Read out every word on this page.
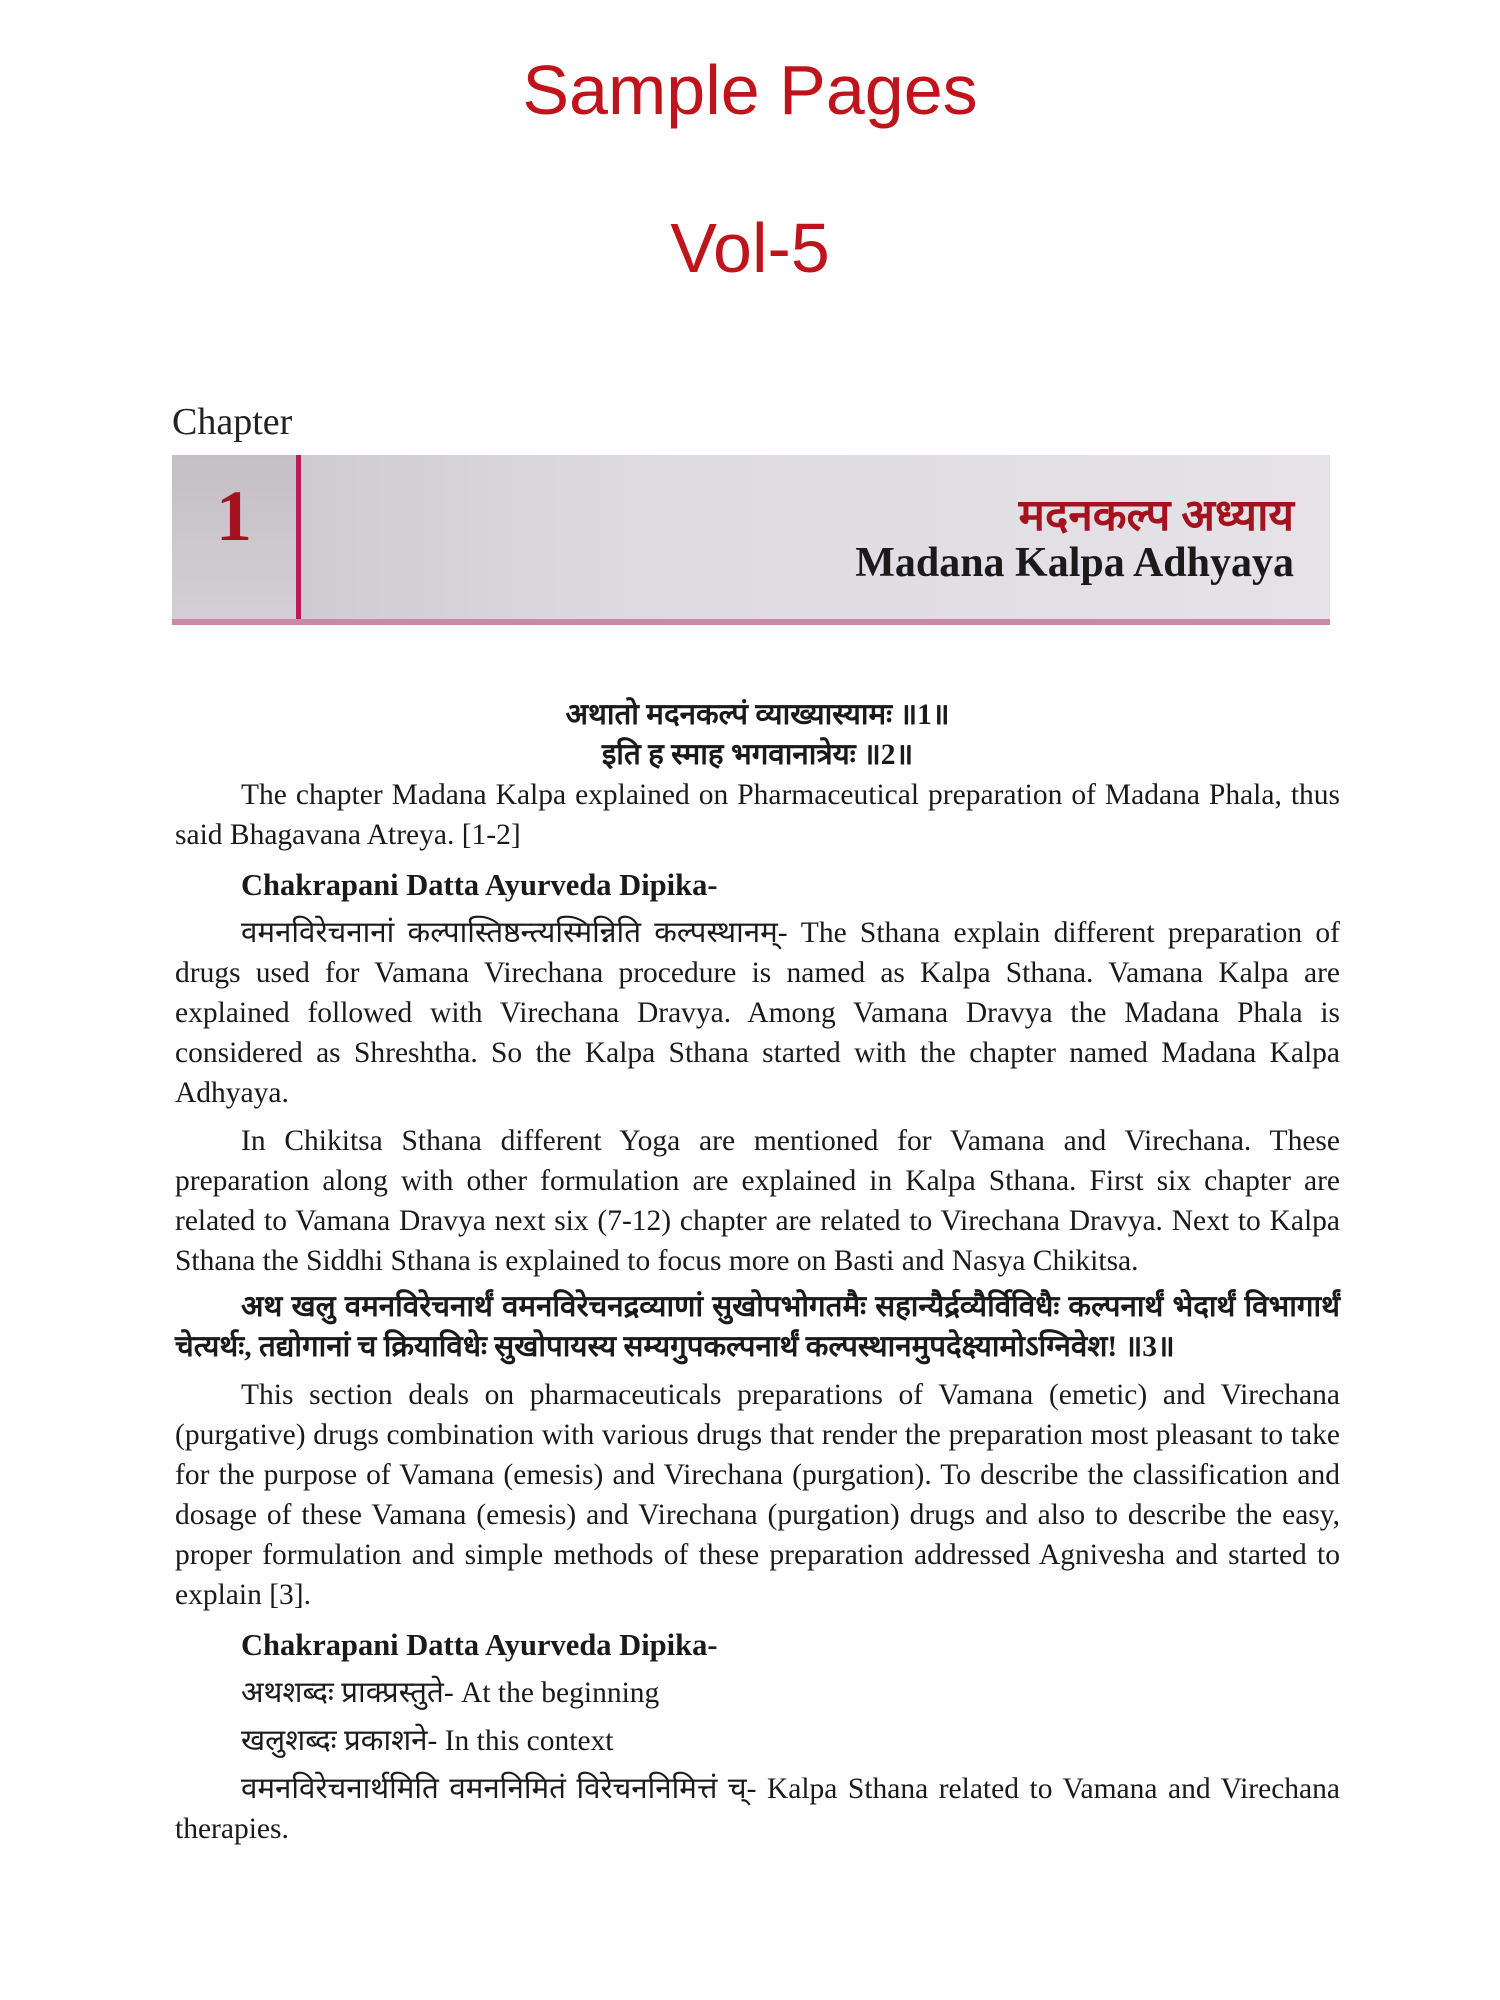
Sample Pages
Vol-5
Chapter
1	मदनकल्प अध्याय
Madana Kalpa Adhyaya

अथातो मदनकल्पं व्याख्यास्यामः ॥1॥

इति ह स्माह भगवानात्रेयः ॥2॥

The chapter Madana Kalpa explained on Pharmaceutical preparation of Madana Phala, thus said Bhagavana Atreya. [1-2]

Chakrapani Datta Ayurveda Dipika-

वमनविरेचनानां कल्पास्तिष्ठन्त्यस्मिन्निति कल्पस्थानम्- The Sthana explain different preparation of drugs used for Vamana Virechana procedure is named as Kalpa Sthana. Vamana Kalpa are explained followed with Virechana Dravya. Among Vamana Dravya the Madana Phala is considered as Shreshtha. So the Kalpa Sthana started with the chapter named Madana Kalpa Adhyaya.

In Chikitsa Sthana different Yoga are mentioned for Vamana and Virechana. These preparation along with other formulation are explained in Kalpa Sthana. First six chapter are related to Vamana Dravya next six (7-12) chapter are related to Virechana Dravya. Next to Kalpa Sthana the Siddhi Sthana is explained to focus more on Basti and Nasya Chikitsa.

अथ खलु वमनविरेचनार्थं वमनविरेचनद्रव्याणां सुखोपभोगतमैः सहान्यैर्द्रव्यैर्विविधैः कल्पनार्थं भेदार्थं विभागार्थं चेत्यर्थः, तद्योगानां च क्रियाविधेः सुखोपायस्य सम्यगुपकल्पनार्थं कल्पस्थानमुपदेक्ष्यामोऽग्निवेश! ॥3॥

This section deals on pharmaceuticals preparations of Vamana (emetic) and Virechana (purgative) drugs combination with various drugs that render the preparation most pleasant to take for the purpose of Vamana (emesis) and Virechana (purgation). To describe the classification and dosage of these Vamana (emesis) and Virechana (purgation) drugs and also to describe the easy, proper formulation and simple methods of these preparation addressed Agnivesha and started to explain [3].

Chakrapani Datta Ayurveda Dipika-

अथशब्दः प्राक्प्रस्तुते- At the beginning

खलुशब्दः प्रकाशने- In this context

वमनविरेचनार्थमिति वमननिमितं विरेचननिमित्तं च्- Kalpa Sthana related to Vamana and Virechana therapies.
